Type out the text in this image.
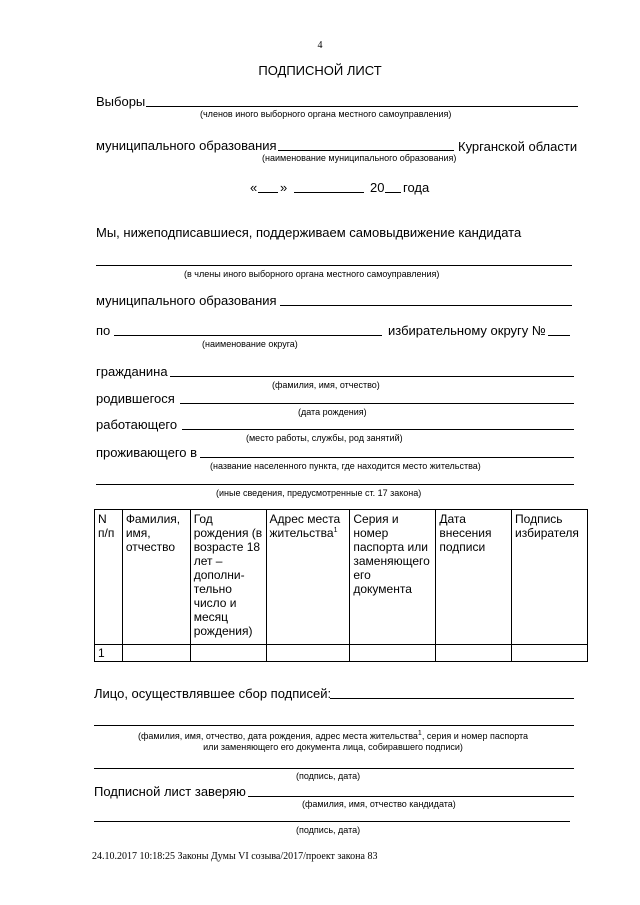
4
ПОДПИСНОЙ ЛИСТ
Выборы
(членов иного выборного органа местного самоуправления)
муниципального образования	Курганской области
(наименование муниципального образования)
« »	20 года
Мы, нижеподписавшиеся, поддерживаем самовыдвижение кандидата
(в члены иного выборного органа местного самоуправления)
муниципального образования
по	избирательному округу №
(наименование округа)
гражданина
(фамилия, имя, отчество)
родившегося
(дата рождения)
работающего
(место работы, службы, род занятий)
проживающего в
(название населенного пункта, где находится место жительства)
(иные сведения, предусмотренные ст. 17 закона)
N п/п	Фамилия, имя, отчество	Год рождения (в возрасте 18 лет – дополни-тельно число и месяц рождения)	Адрес места жительства$^1$	Серия и номер паспорта или заменяющего его документа	Дата внесения подписи	Подпись избирателя
1						
Лицо, осуществлявшее сбор подписей:
(фамилия, имя, отчество, дата рождения, адрес места жительства$^1$, серия и номер паспорта
или заменяющего его документа лица, собиравшего подписи)
(подпись, дата)
Подписной лист заверяю
(фамилия, имя, отчество кандидата)
(подпись, дата)
24.10.2017 10:18:25 Законы Думы VI созыва/2017/проект закона 83
